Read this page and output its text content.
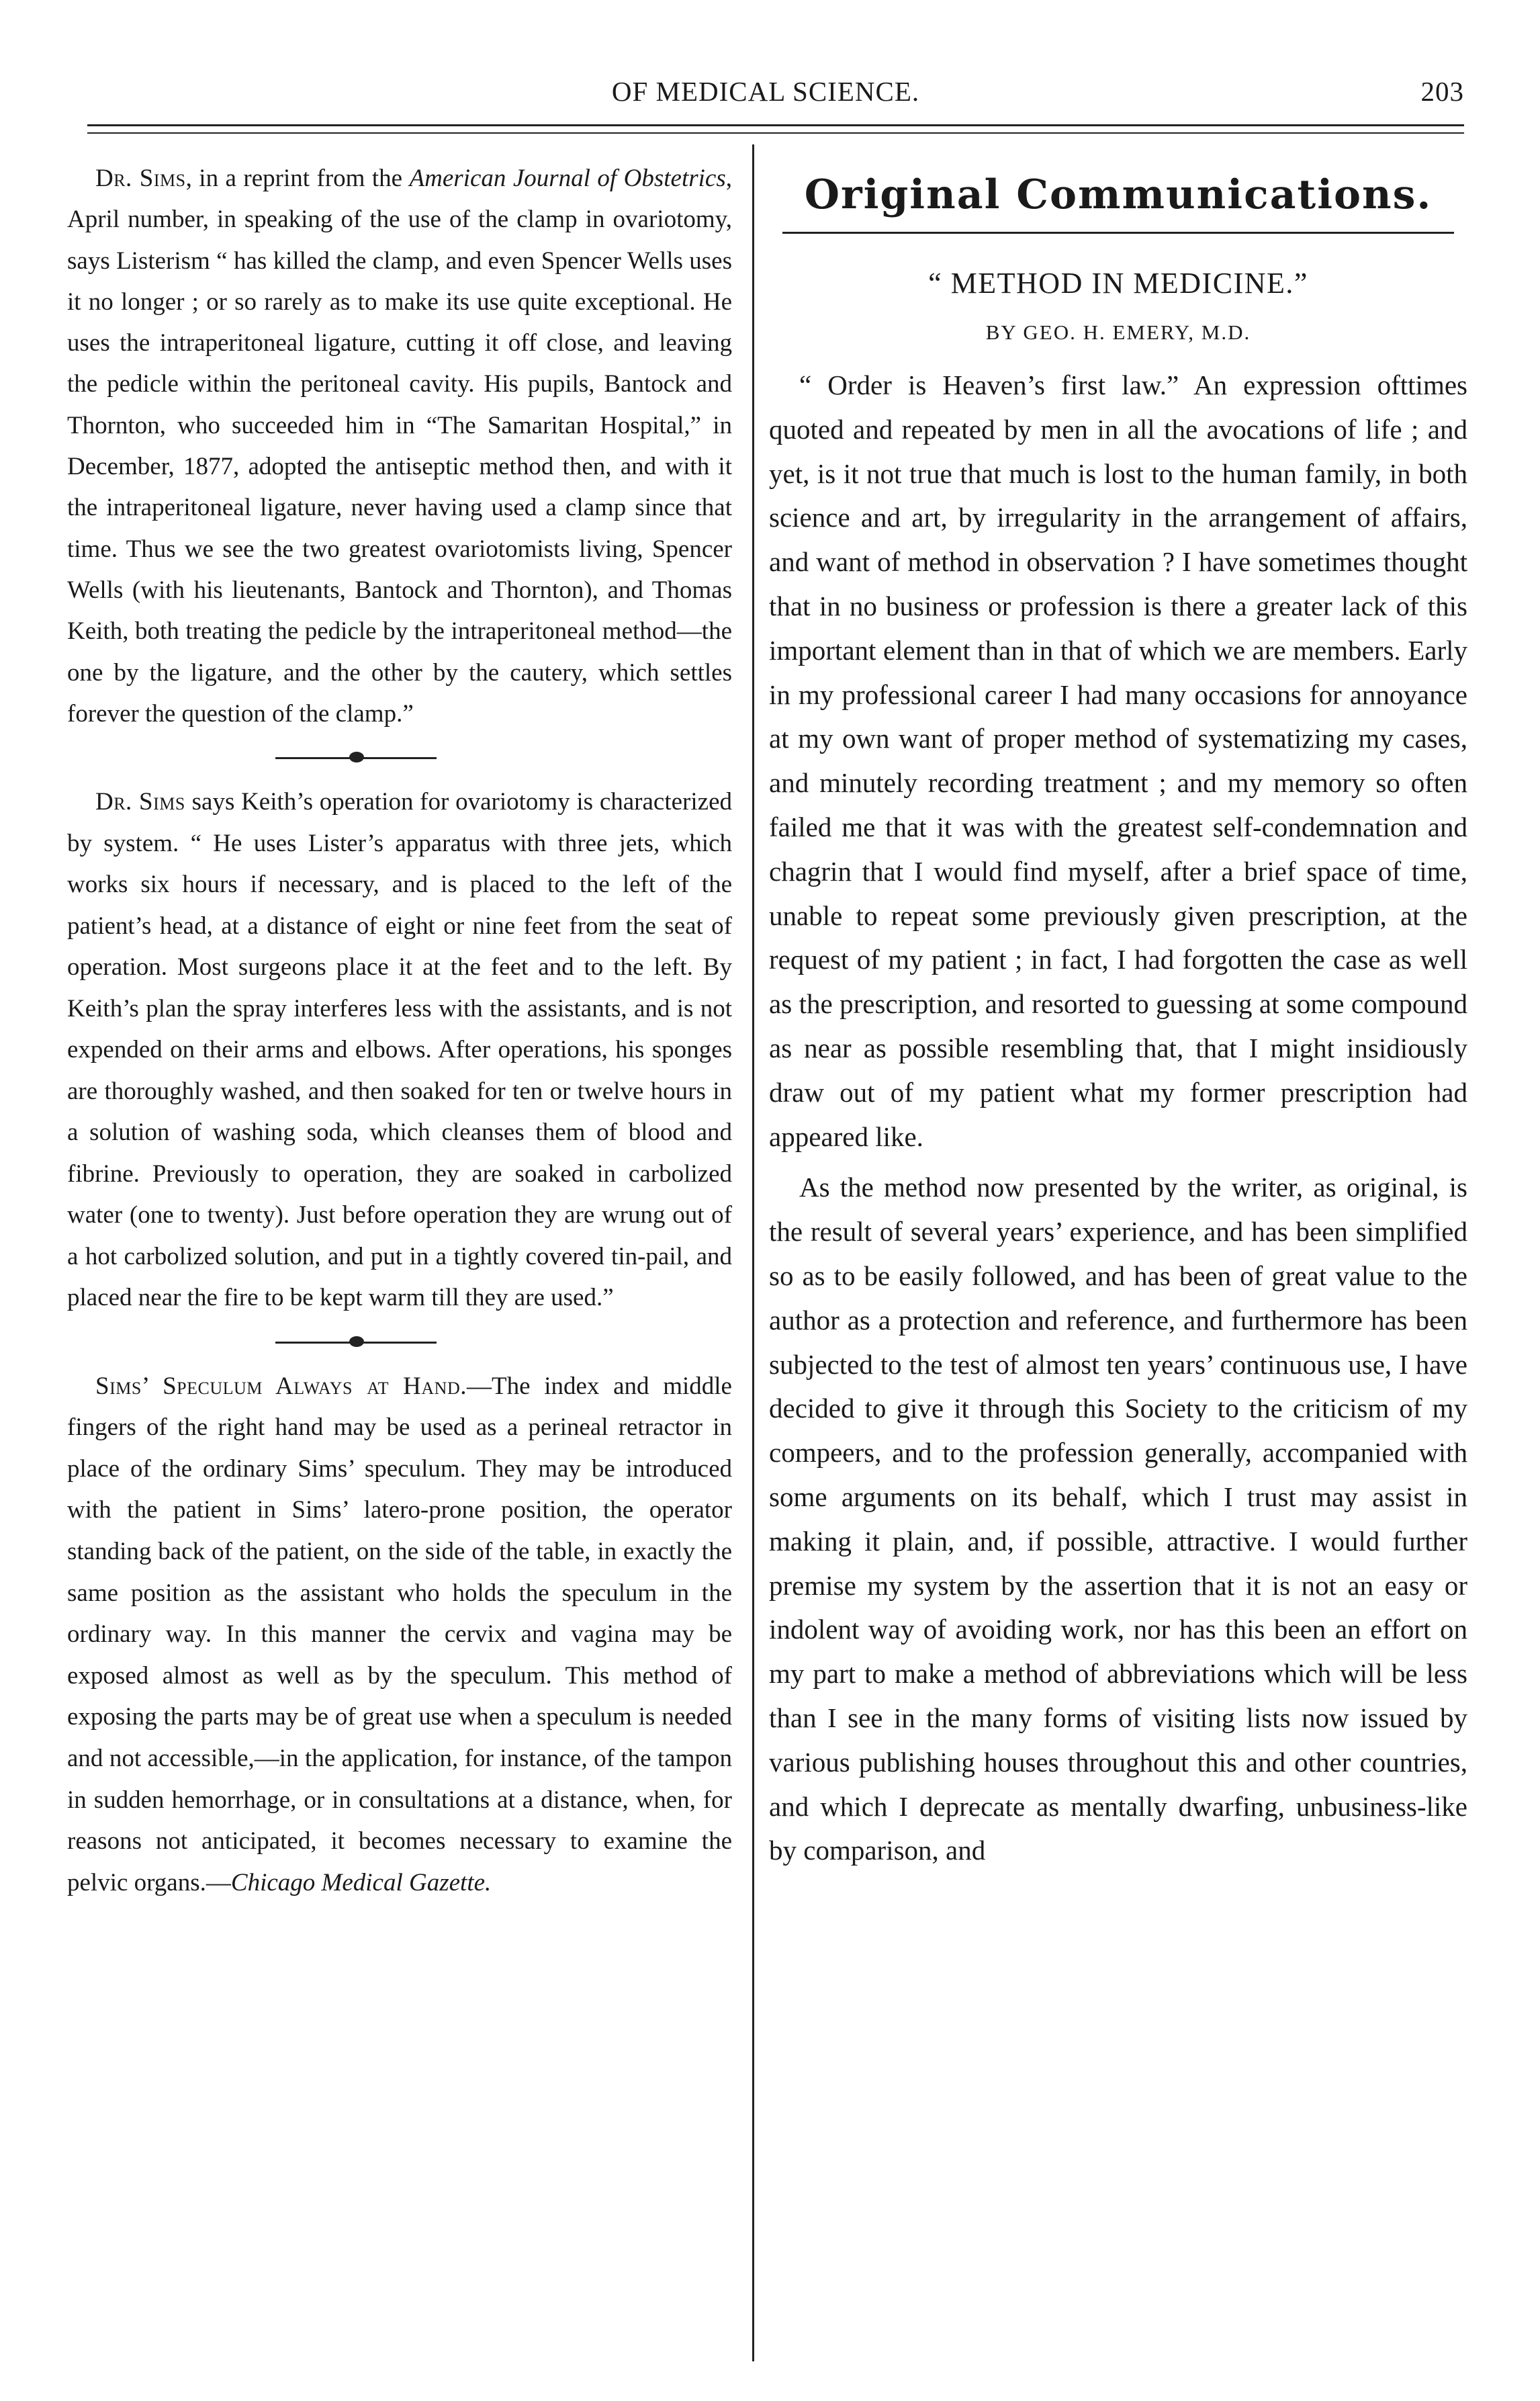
OF MEDICAL SCIENCE.	203

Dr. Sims, in a reprint from the American Journal of Obstetrics, April number, in speaking of the use of the clamp in ovariotomy, says Listerism “ has killed the clamp, and even Spencer Wells uses it no longer ; or so rarely as to make its use quite exceptional. He uses the intraperitoneal ligature, cutting it off close, and leaving the pedicle within the peritoneal cavity. His pupils, Bantock and Thornton, who succeeded him in “The Samaritan Hospital,” in December, 1877, adopted the antiseptic method then, and with it the intraperitoneal ligature, never having used a clamp since that time. Thus we see the two greatest ovariotomists living, Spencer Wells (with his lieutenants, Bantock and Thornton), and Thomas Keith, both treating the pedicle by the intraperitoneal method—the one by the ligature, and the other by the cautery, which settles forever the question of the clamp.”

Dr. Sims says Keith’s operation for ovariotomy is characterized by system. “ He uses Lister’s apparatus with three jets, which works six hours if necessary, and is placed to the left of the patient’s head, at a distance of eight or nine feet from the seat of operation. Most surgeons place it at the feet and to the left. By Keith’s plan the spray interferes less with the assistants, and is not expended on their arms and elbows. After operations, his sponges are thoroughly washed, and then soaked for ten or twelve hours in a solution of washing soda, which cleanses them of blood and fibrine. Previously to operation, they are soaked in carbolized water (one to twenty). Just before operation they are wrung out of a hot carbolized solution, and put in a tightly covered tin-pail, and placed near the fire to be kept warm till they are used.”

Sims’ Speculum Always at Hand.—The index and middle fingers of the right hand may be used as a perineal retractor in place of the ordinary Sims’ speculum. They may be introduced with the patient in Sims’ latero-prone position, the operator standing back of the patient, on the side of the table, in exactly the same position as the assistant who holds the speculum in the ordinary way. In this manner the cervix and vagina may be exposed almost as well as by the speculum. This method of exposing the parts may be of great use when a speculum is needed and not accessible,—in the application, for instance, of the tampon in sudden hemorrhage, or in consultations at a distance, when, for reasons not anticipated, it becomes necessary to examine the pelvic organs.—Chicago Medical Gazette.

Original Communications.
“ METHOD IN MEDICINE.”
BY GEO. H. EMERY, M.D.

“ Order is Heaven’s first law.” An expression ofttimes quoted and repeated by men in all the avocations of life ; and yet, is it not true that much is lost to the human family, in both science and art, by irregularity in the arrangement of affairs, and want of method in observation ? I have sometimes thought that in no business or profession is there a greater lack of this important element than in that of which we are members. Early in my professional career I had many occasions for annoyance at my own want of proper method of systematizing my cases, and minutely recording treatment ; and my memory so often failed me that it was with the greatest self-condemnation and chagrin that I would find myself, after a brief space of time, unable to repeat some previously given prescription, at the request of my patient ; in fact, I had forgotten the case as well as the prescription, and resorted to guessing at some compound as near as possible resembling that, that I might insidiously draw out of my patient what my former prescription had appeared like.

As the method now presented by the writer, as original, is the result of several years’ experience, and has been simplified so as to be easily followed, and has been of great value to the author as a protection and reference, and furthermore has been subjected to the test of almost ten years’ continuous use, I have decided to give it through this Society to the criticism of my compeers, and to the profession generally, accompanied with some arguments on its behalf, which I trust may assist in making it plain, and, if possible, attractive. I would further premise my system by the assertion that it is not an easy or indolent way of avoiding work, nor has this been an effort on my part to make a method of abbreviations which will be less than I see in the many forms of visiting lists now issued by various publishing houses throughout this and other countries, and which I deprecate as mentally dwarfing, unbusiness-like by comparison, and
